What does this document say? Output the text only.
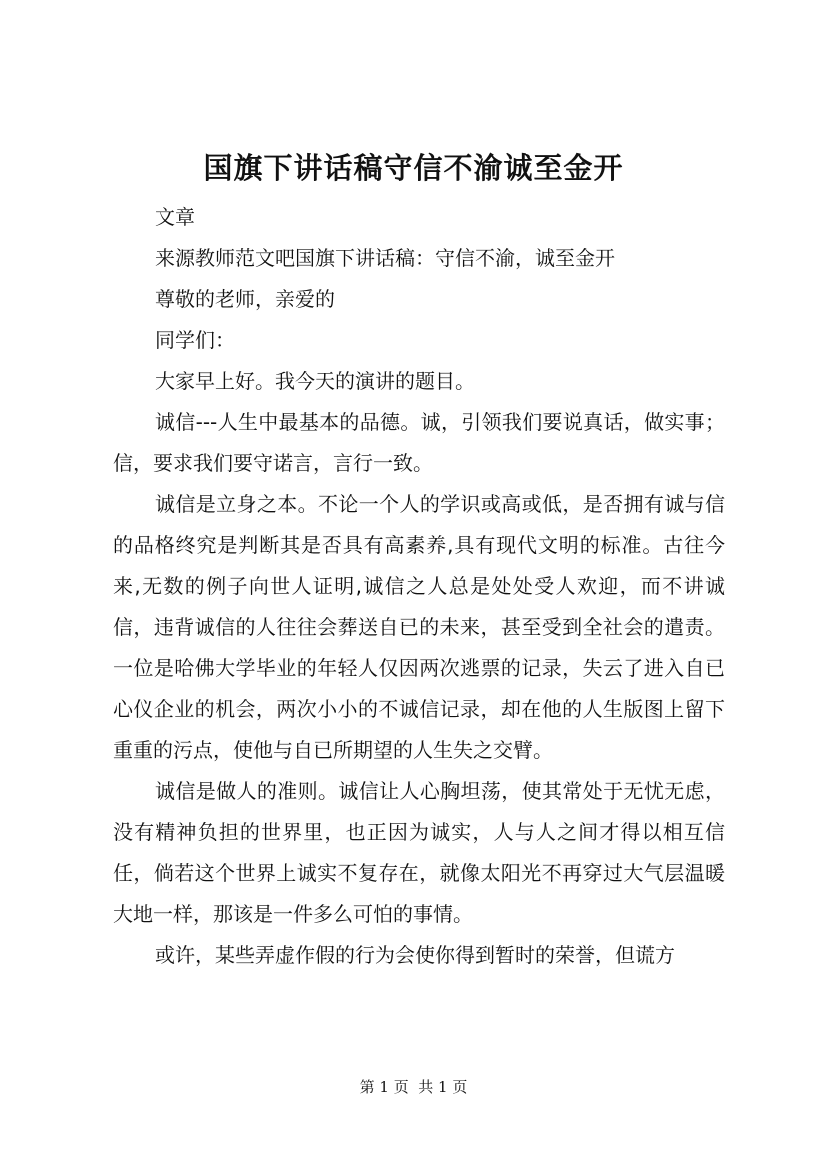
国旗下讲话稿守信不渝诚至金开

文章

来源教师范文吧国旗下讲话稿：守信不渝，诚至金开

尊敬的老师，亲爱的

同学们：

大家早上好。我今天的演讲的题目。

诚信---人生中最基本的品德。诚，引领我们要说真话，做实事；信，要求我们要守诺言，言行一致。

诚信是立身之本。不论一个人的学识或高或低，是否拥有诚与信的品格终究是判断其是否具有高素养,具有现代文明的标准。古往今来,无数的例子向世人证明,诚信之人总是处处受人欢迎，而不讲诚信，违背诚信的人往往会葬送自已的未来，甚至受到全社会的遣责。一位是哈佛大学毕业的年轻人仅因两次逃票的记录，失云了进入自已心仪企业的机会，两次小小的不诚信记录，却在他的人生版图上留下重重的污点，使他与自已所期望的人生失之交臂。

诚信是做人的准则。诚信让人心胸坦荡，使其常处于无忧无虑，没有精神负担的世界里，也正因为诚实，人与人之间才得以相互信任，倘若这个世界上诚实不复存在，就像太阳光不再穿过大气层温暖大地一样，那该是一件多么可怕的事情。

或许，某些弄虚作假的行为会使你得到暂时的荣誉，但谎方

第 1 页  共 1 页
